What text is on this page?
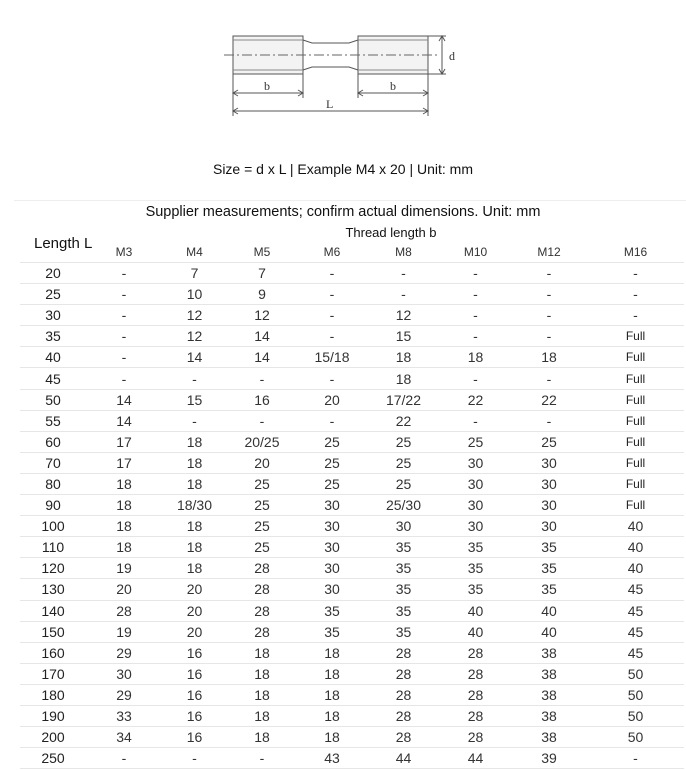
d
b	b
L
Size = d x L | Example M4 x 20 | Unit: mm
Supplier measurements; confirm actual dimensions. Unit: mm
Thread length b
Length L
	M3	M4	M5	M6	M8	M10	M12	M16
20	-	7	7	-	-	-	-	-
25	-	10	9	-	-	-	-	-
30	-	12	12	-	12	-	-	-
35	-	12	14	-	15	-	-	Full
40	-	14	14	15/18	18	18	18	Full
45	-	-	-	-	18	-	-	Full
50	14	15	16	20	17/22	22	22	Full
55	14	-	-	-	22	-	-	Full
60	17	18	20/25	25	25	25	25	Full
70	17	18	20	25	25	30	30	Full
80	18	18	25	25	25	30	30	Full
90	18	18/30	25	30	25/30	30	30	Full
100	18	18	25	30	30	30	30	40
110	18	18	25	30	35	35	35	40
120	19	18	28	30	35	35	35	40
130	20	20	28	30	35	35	35	45
140	28	20	28	35	35	40	40	45
150	19	20	28	35	35	40	40	45
160	29	16	18	18	28	28	38	45
170	30	16	18	18	28	28	38	50
180	29	16	18	18	28	28	38	50
190	33	16	18	18	28	28	38	50
200	34	16	18	18	28	28	38	50
250	-	-	-	43	44	44	39	-
